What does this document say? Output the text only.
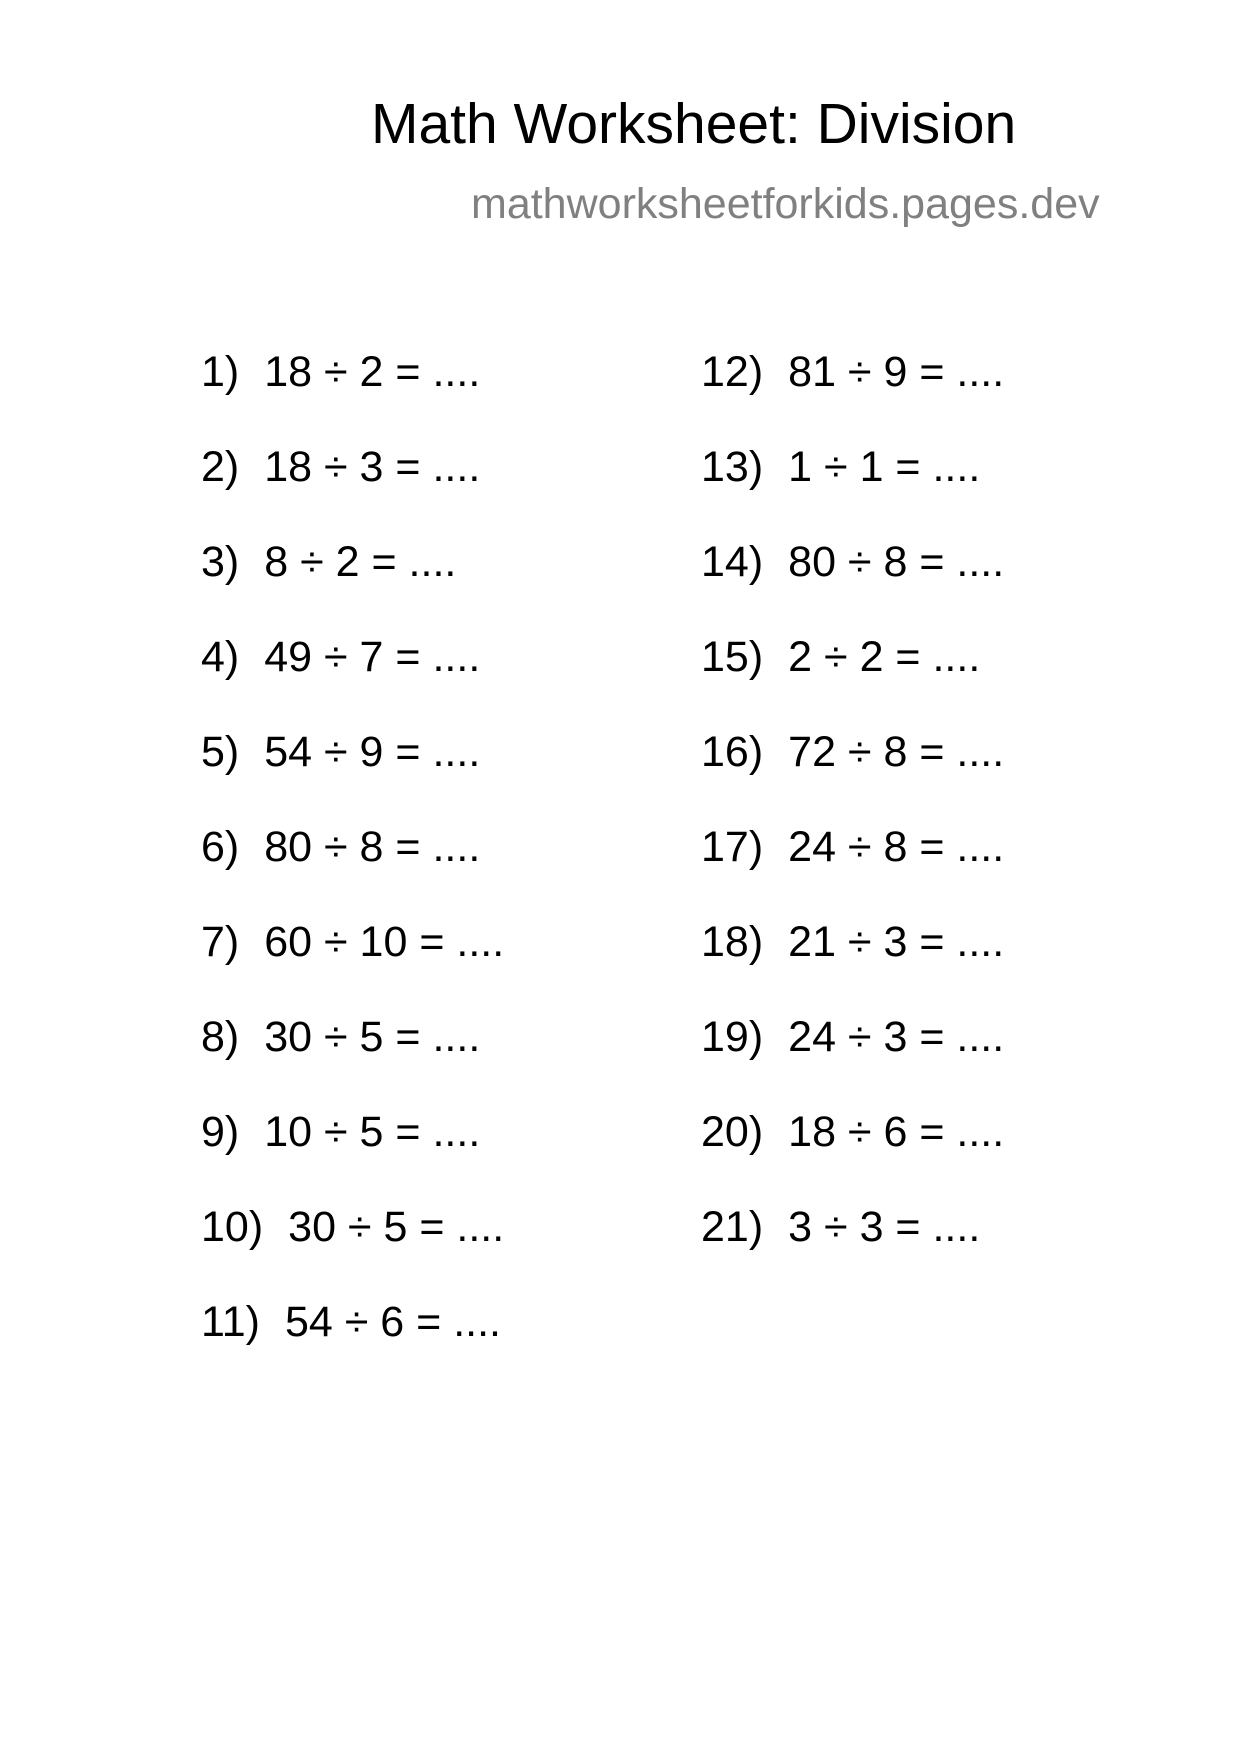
Math Worksheet: Division
mathworksheetforkids.pages.dev
1) 18 ÷ 2 = ....
2) 18 ÷ 3 = ....
3) 8 ÷ 2 = ....
4) 49 ÷ 7 = ....
5) 54 ÷ 9 = ....
6) 80 ÷ 8 = ....
7) 60 ÷ 10 = ....
8) 30 ÷ 5 = ....
9) 10 ÷ 5 = ....
10) 30 ÷ 5 = ....
11) 54 ÷ 6 = ....
12) 81 ÷ 9 = ....
13) 1 ÷ 1 = ....
14) 80 ÷ 8 = ....
15) 2 ÷ 2 = ....
16) 72 ÷ 8 = ....
17) 24 ÷ 8 = ....
18) 21 ÷ 3 = ....
19) 24 ÷ 3 = ....
20) 18 ÷ 6 = ....
21) 3 ÷ 3 = ....
